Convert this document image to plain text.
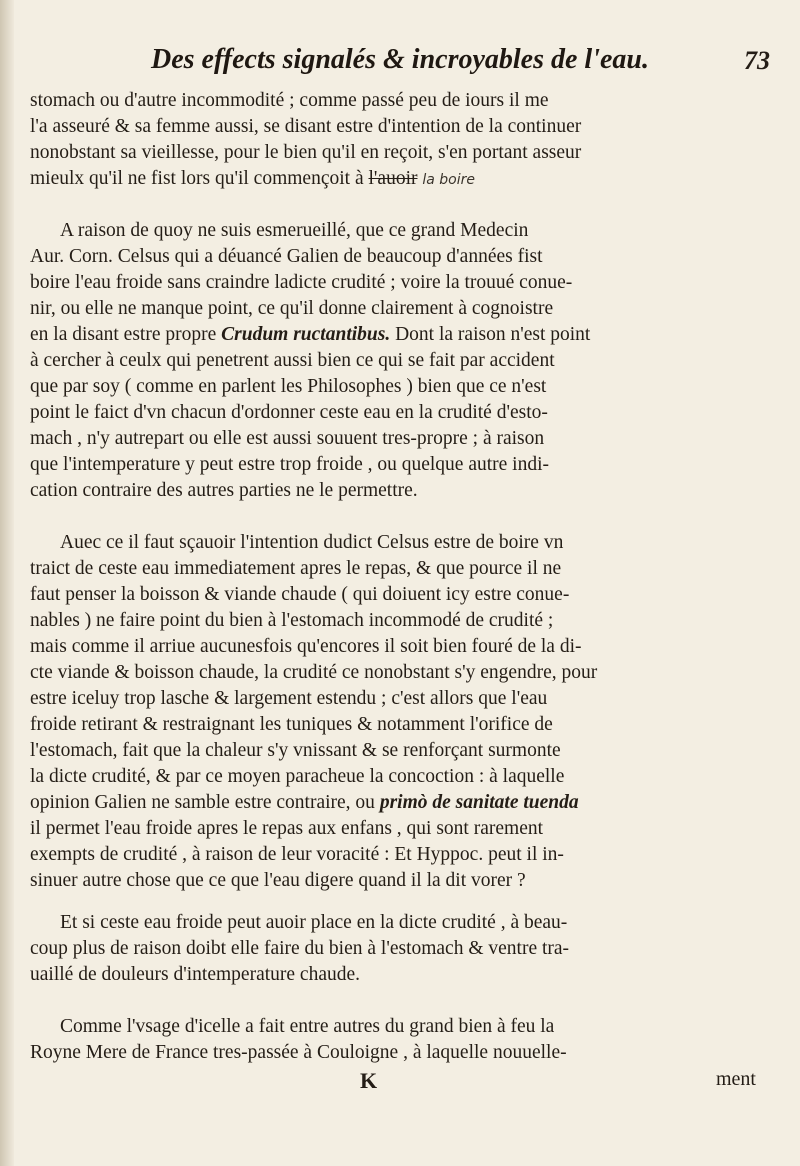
Des effects signalés & incroyables de l'eau.	73
stomach ou d'autre incommodité ; comme passé peu de iours il me
l'a asseuré & sa femme aussi, se disant estre d'intention de la continuer
nonobstant sa vieillesse, pour le bien qu'il en reçoit, s'en portant asseur
mieulx qu'il ne fist lors qu'il commençoit à l'auoir la boire
A raison de quoy ne suis esmerueillé, que ce grand Medecin
Aur. Corn. Celsus qui a déuancé Galien de beaucoup d'années fist
boire l'eau froide sans craindre ladicte crudité ; voire la trouué conue-
nir, ou elle ne manque point, ce qu'il donne clairement à cognoistre
en la disant estre propre Crudum ructantibus. Dont la raison n'est point
à cercher à ceulx qui penetrent aussi bien ce qui se fait par accident
que par soy ( comme en parlent les Philosophes ) bien que ce n'est
point le faict d'vn chacun d'ordonner ceste eau en la crudité d'esto-
mach , n'y autrepart ou elle est aussi souuent tres-propre ; à raison
que l'intemperature y peut estre trop froide , ou quelque autre indi-
cation contraire des autres parties ne le permettre.
Auec ce il faut sçauoir l'intention dudict Celsus estre de boire vn
traict de ceste eau immediatement apres le repas, & que pource il ne
faut penser la boisson & viande chaude ( qui doiuent icy estre conue-
nables ) ne faire point du bien à l'estomach incommodé de crudité ;
mais comme il arriue aucunesfois qu'encores il soit bien fouré de la di-
cte viande & boisson chaude, la crudité ce nonobstant s'y engendre, pour
estre iceluy trop lasche & largement estendu ; c'est allors que l'eau
froide retirant & restraignant les tuniques & notamment l'orifice de
l'estomach, fait que la chaleur s'y vnissant & se renforçant surmonte
la dicte crudité, & par ce moyen paracheue la concoction : à laquelle
opinion Galien ne samble estre contraire, ou primò de sanitate tuenda
il permet l'eau froide apres le repas aux enfans , qui sont rarement
exempts de crudité , à raison de leur voracité : Et Hyppoc. peut il in-
sinuer autre chose que ce que l'eau digere quand il la dit vorer ?
Et si ceste eau froide peut auoir place en la dicte crudité , à beau-
coup plus de raison doibt elle faire du bien à l'estomach & ventre tra-
uaillé de douleurs d'intemperature chaude.
Comme l'vsage d'icelle a fait entre autres du grand bien à feu la
Royne Mere de France tres-passée à Couloigne , à laquelle nouuelle-
K	ment
